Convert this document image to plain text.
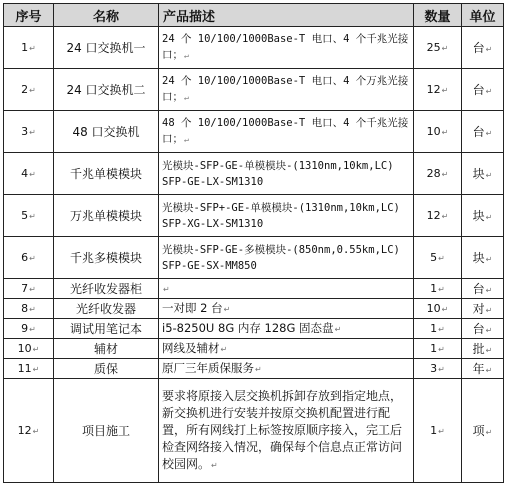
序号	名称	产品描述	数量	单位
1↵	24 口交换机一	24 个 10/100/1000Base-T 电口、4 个千兆光接口；↵	25↵	台↵
2↵	24 口交换机二	24 个 10/100/1000Base-T 电口、4 个万兆光接口；↵	12↵	台↵
3↵	48 口交换机	48 个 10/100/1000Base-T 电口、4 个千兆光接口；↵	10↵	台↵
4↵	千兆单模模块	光模块-SFP-GE-单模模块-(1310nm,10km,LC) SFP-GE-LX-SM1310	28↵	块↵
5↵	万兆单模模块	光模块-SFP+-GE-单模模块-(1310nm,10km,LC) SFP-XG-LX-SM1310	12↵	块↵
6↵	千兆多模模块	光模块-SFP-GE-多模模块-(850nm,0.55km,LC) SFP-GE-SX-MM850	5↵	块↵
7↵	光纤收发器柜	↵	1↵	台↵
8↵	光纤收发器	一对即 2 台↵	10↵	对↵
9↵	调试用笔记本	i5-8250U 8G 内存 128G 固态盘↵	1↵	台↵
10↵	辅材	网线及辅材↵	1↵	批↵
11↵	质保	原厂三年质保服务↵	3↵	年↵
12↵	项目施工	要求将原接入层交换机拆卸存放到指定地点，新交换机进行安装并按原交换机配置进行配置，所有网线打上标签按原顺序接入，完工后检查网络接入情况，确保每个信息点正常访问校园网。↵	1↵	项↵
